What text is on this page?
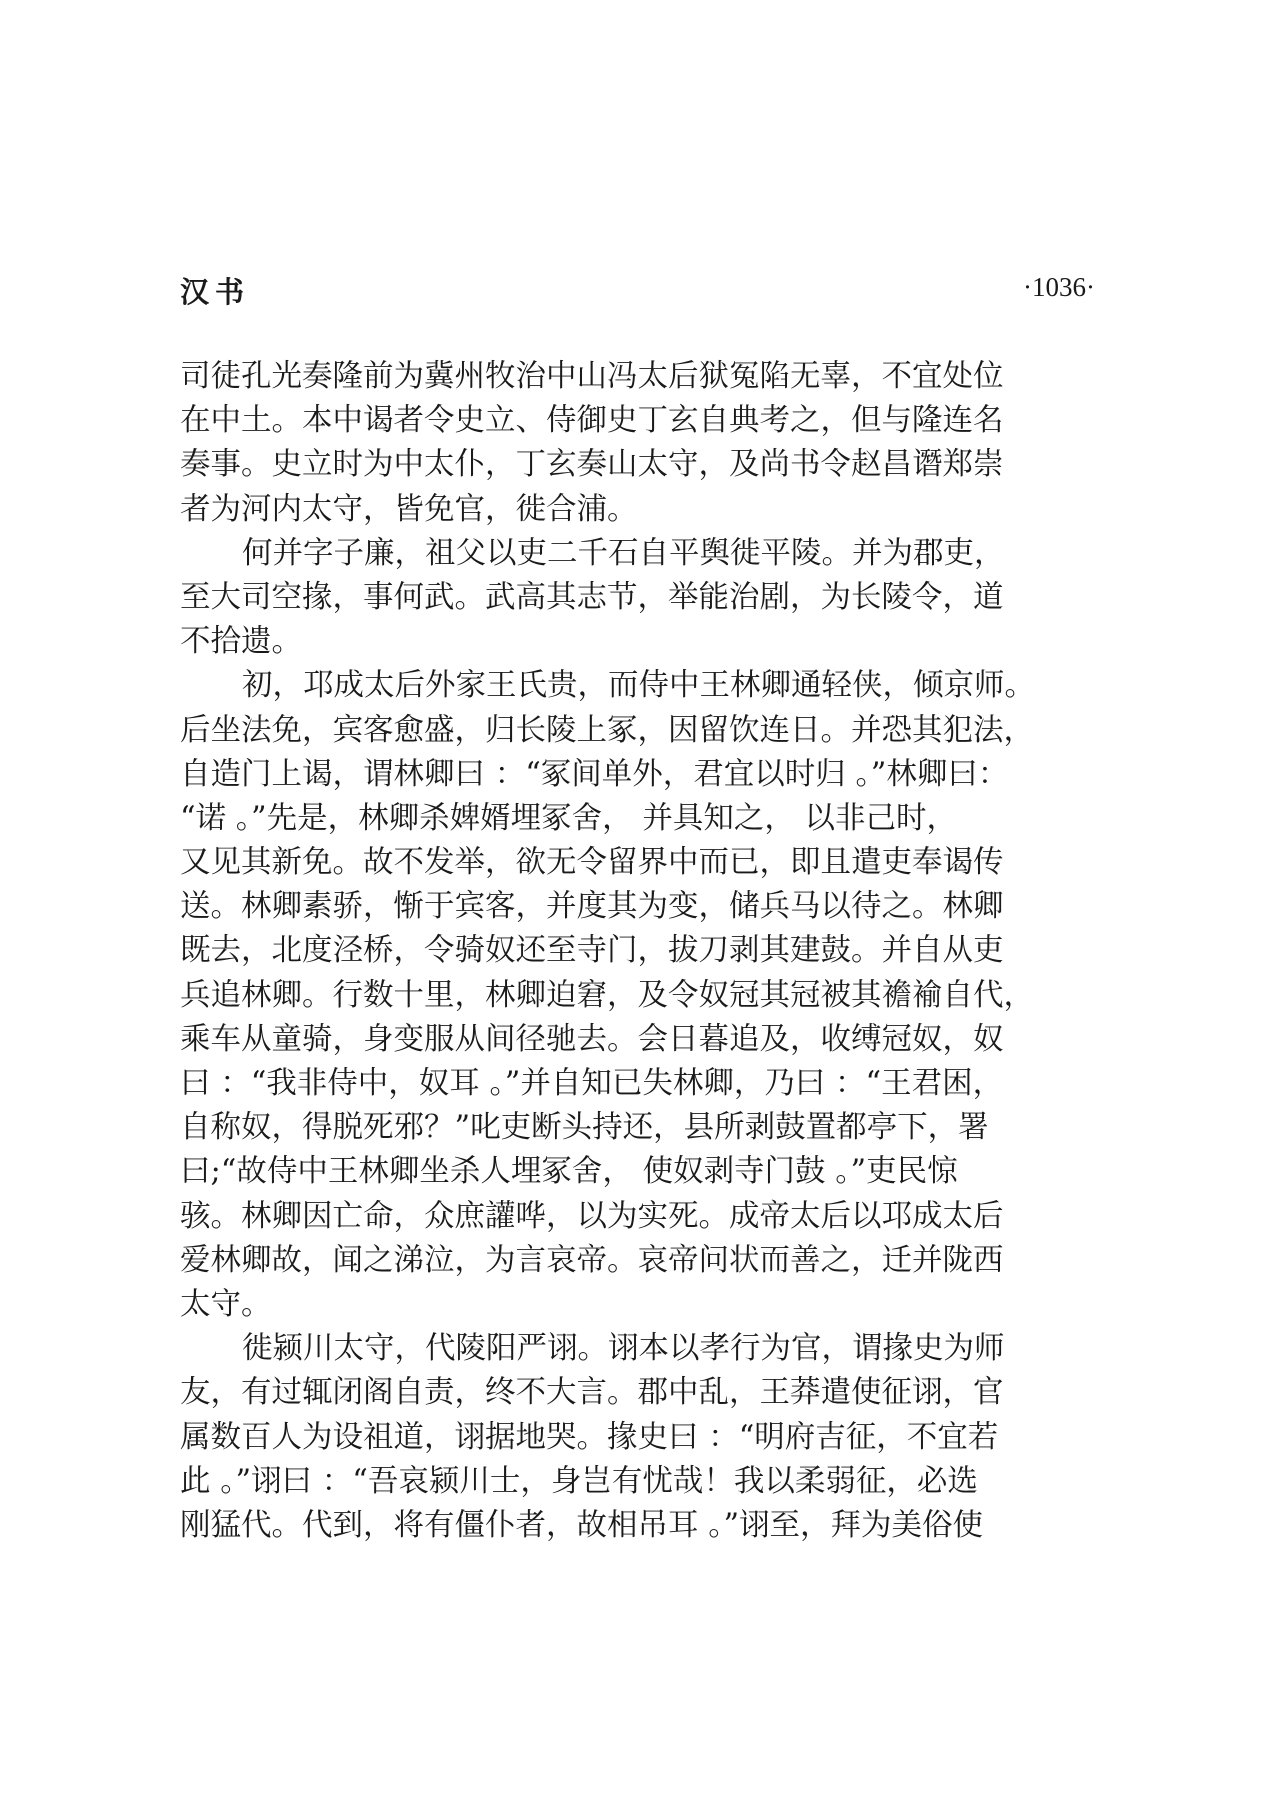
汉书	·1036·
司徒孔光奏隆前为冀州牧治中山冯太后狱冤陷无辜，不宜处位
在中土。本中谒者令史立、侍御史丁玄自典考之，但与隆连名
奏事。史立时为中太仆，丁玄奏山太守，及尚书令赵昌谮郑崇
者为河内太守，皆免官，徙合浦。
何并字子廉，祖父以吏二千石自平舆徙平陵。并为郡吏，
至大司空掾，事何武。武高其志节，举能治剧，为长陵令，道
不拾遗。
初，邛成太后外家王氏贵，而侍中王林卿通轻侠，倾京师。
后坐法免，宾客愈盛，归长陵上冢，因留饮连日。并恐其犯法，
自造门上谒，谓林卿曰 ：“冢间单外，君宜以时归 。”林卿曰：
“诺 。”先是，林卿杀婢婿埋冢舍， 并具知之， 以非己时，
又见其新免。故不发举，欲无令留界中而已，即且遣吏奉谒传
送。林卿素骄，惭于宾客，并度其为变，储兵马以待之。林卿
既去，北度泾桥，令骑奴还至寺门，拔刀剥其建鼓。并自从吏
兵追林卿。行数十里，林卿迫窘，及令奴冠其冠被其襜褕自代，
乘车从童骑，身变服从间径驰去。会日暮追及，收缚冠奴，奴
曰 ：“我非侍中，奴耳 。”并自知已失林卿，乃曰 ：“王君困，
自称奴，得脱死邪？”叱吏断头持还，县所剥鼓置都亭下，署
曰;“故侍中王林卿坐杀人埋冢舍， 使奴剥寺门鼓 。”吏民惊
骇。林卿因亡命，众庶讙哗，以为实死。成帝太后以邛成太后
爱林卿故，闻之涕泣，为言哀帝。哀帝问状而善之，迁并陇西
太守。
徙颍川太守，代陵阳严诩。诩本以孝行为官，谓掾史为师
友，有过辄闭阁自责，终不大言。郡中乱，王莽遣使征诩，官
属数百人为设祖道，诩据地哭。掾史曰 ：“明府吉征，不宜若
此 。”诩曰 ：“吾哀颍川士，身岂有忧哉！我以柔弱征，必选
刚猛代。代到，将有僵仆者，故相吊耳 。”诩至，拜为美俗使
